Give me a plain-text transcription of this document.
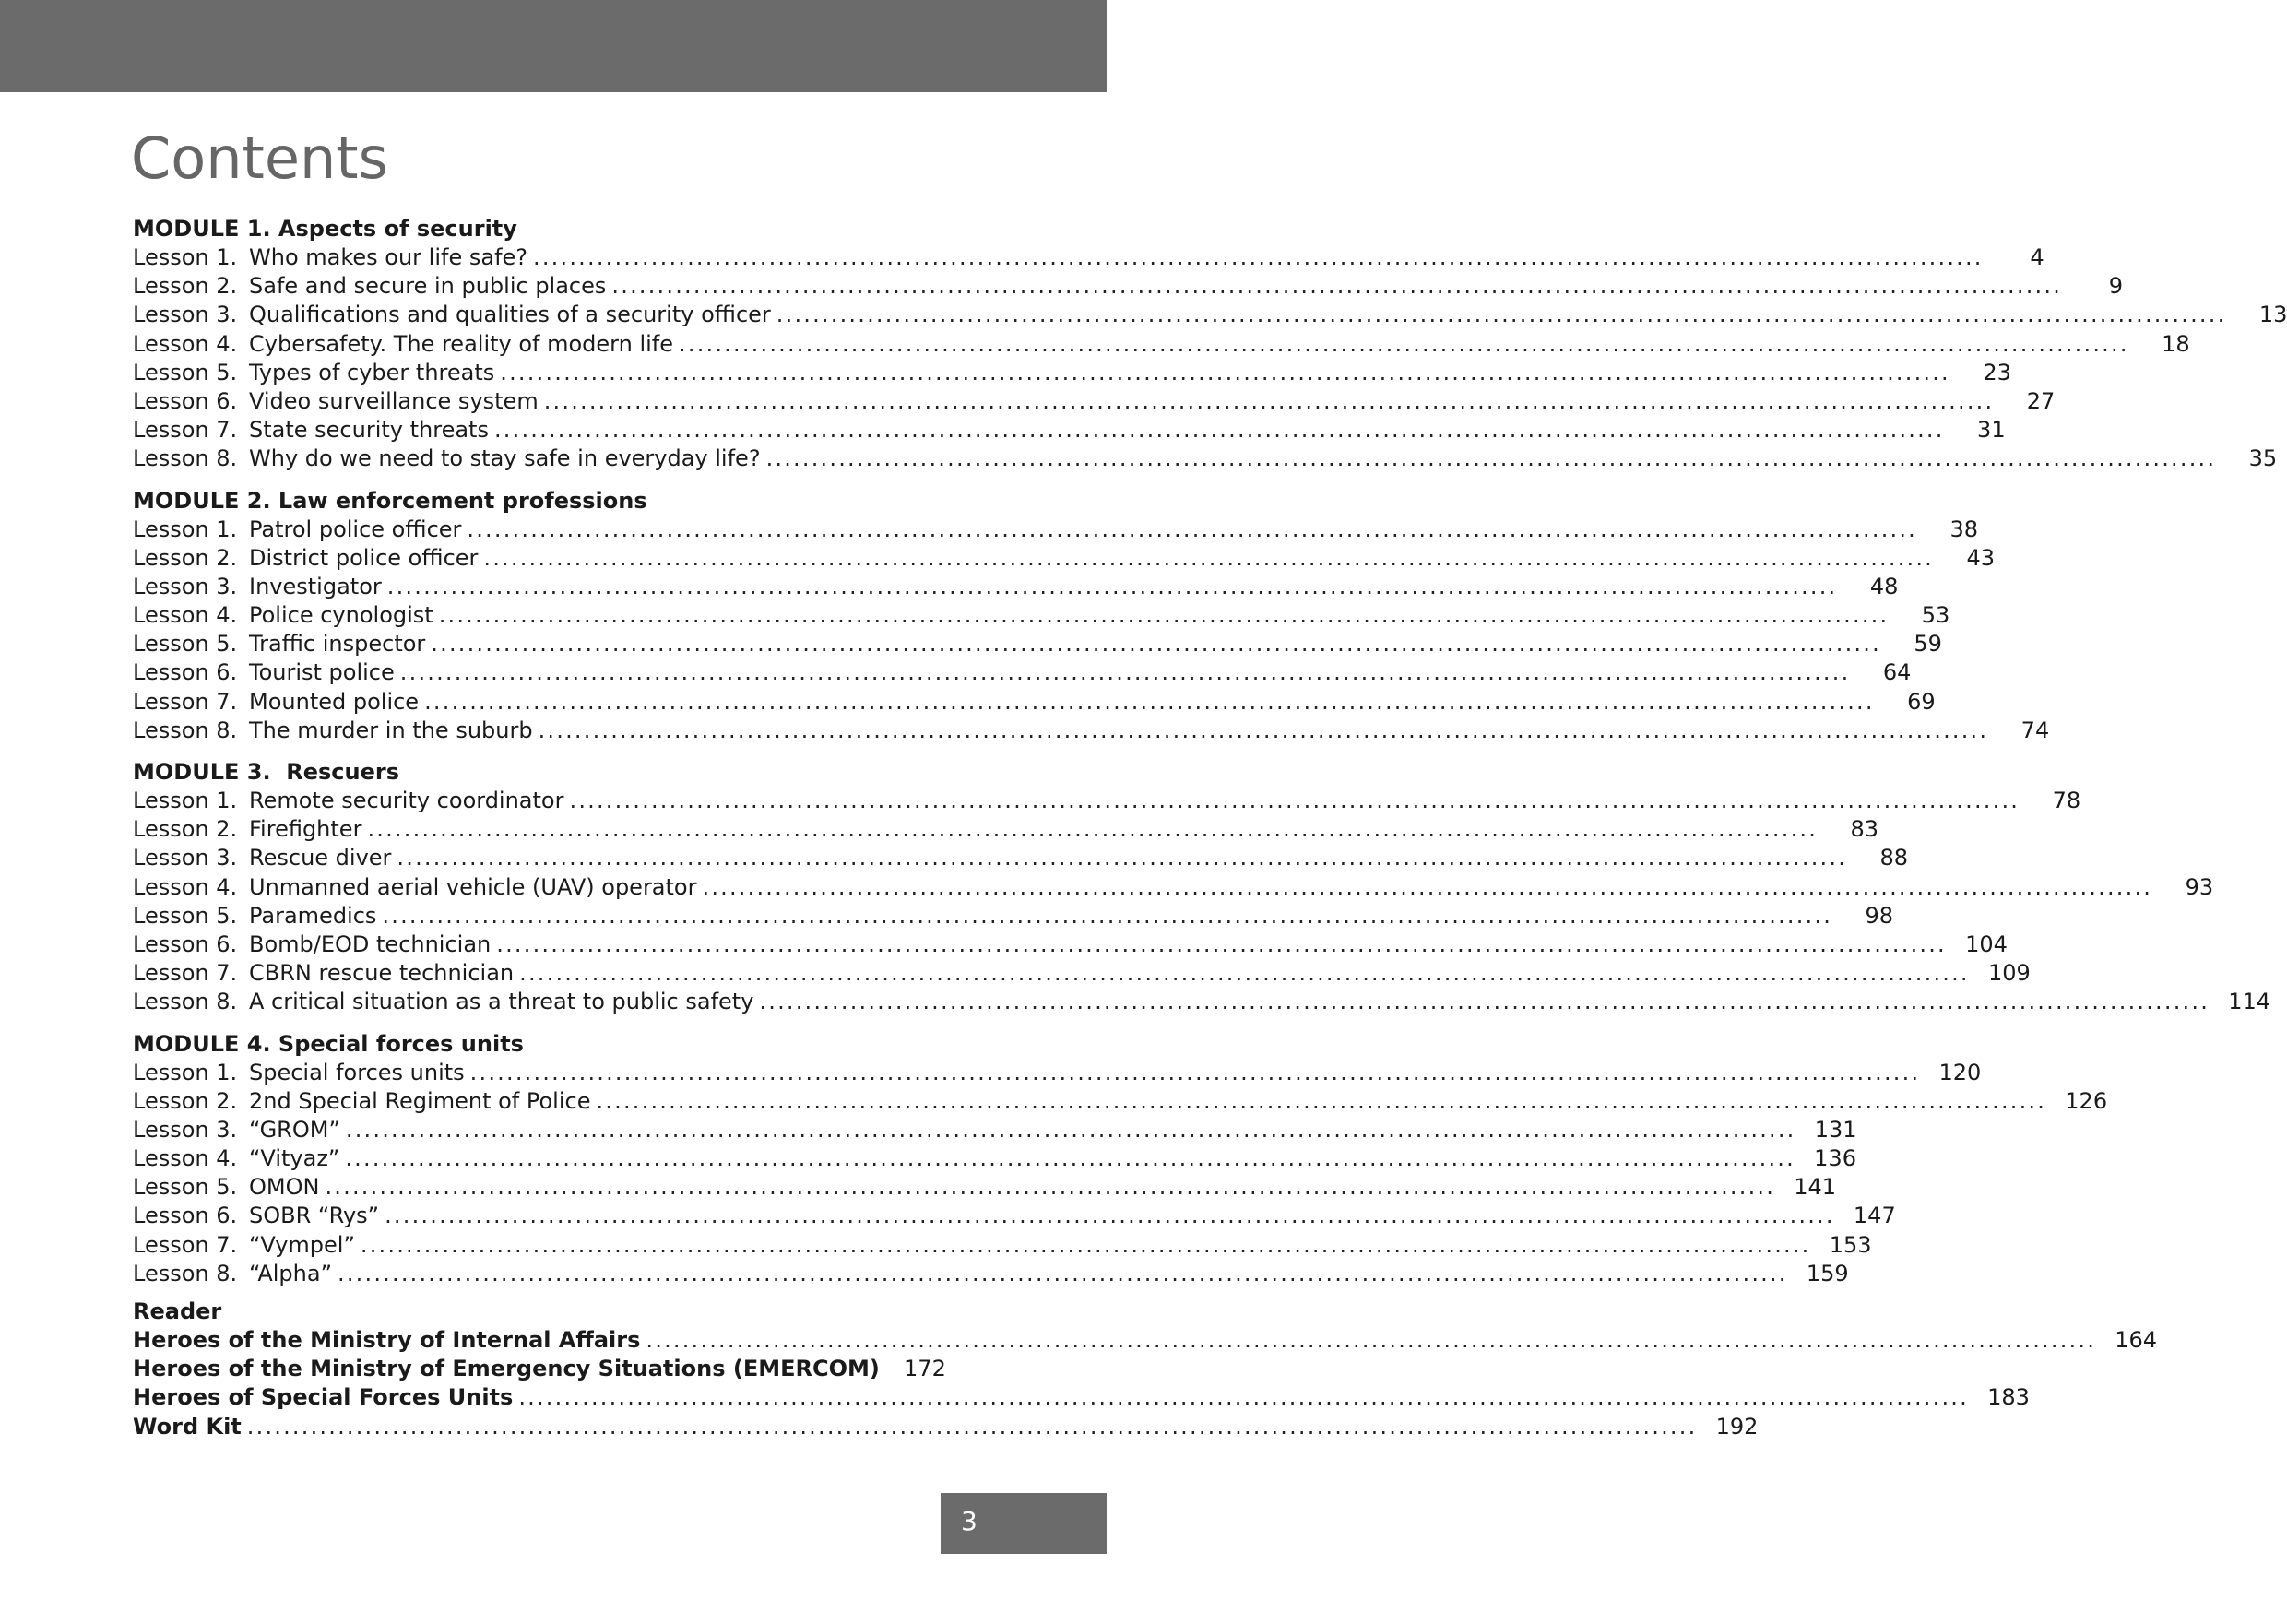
Contents
MODULE 1. Aspects of security
Lesson 1. Who makes our life safe? ................................................................................................................................................................	4
Lesson 2. Safe and secure in public places ................................................................................................................................................................	9
Lesson 3. Qualifications and qualities of a security officer ................................................................................................................................................................	13
Lesson 4. Cybersafety. The reality of modern life ................................................................................................................................................................	18
Lesson 5. Types of cyber threats ................................................................................................................................................................	23
Lesson 6. Video surveillance system ................................................................................................................................................................	27
Lesson 7. State security threats ................................................................................................................................................................	31
Lesson 8. Why do we need to stay safe in everyday life? ................................................................................................................................................................	35
MODULE 2. Law enforcement professions
Lesson 1. Patrol police officer ................................................................................................................................................................	38
Lesson 2. District police officer ................................................................................................................................................................	43
Lesson 3. Investigator ................................................................................................................................................................	48
Lesson 4. Police cynologist ................................................................................................................................................................	53
Lesson 5. Traffic inspector ................................................................................................................................................................	59
Lesson 6. Tourist police ................................................................................................................................................................	64
Lesson 7. Mounted police ................................................................................................................................................................	69
Lesson 8. The murder in the suburb ................................................................................................................................................................	74
MODULE 3.  Rescuers
Lesson 1. Remote security coordinator ................................................................................................................................................................	78
Lesson 2. Firefighter ................................................................................................................................................................	83
Lesson 3. Rescue diver ................................................................................................................................................................	88
Lesson 4. Unmanned aerial vehicle (UAV) operator ................................................................................................................................................................	93
Lesson 5. Paramedics ................................................................................................................................................................	98
Lesson 6. Bomb/EOD technician ................................................................................................................................................................ 104
Lesson 7. CBRN rescue technician ................................................................................................................................................................ 109
Lesson 8. A critical situation as a threat to public safety ................................................................................................................................................................ 114
MODULE 4. Special forces units
Lesson 1. Special forces units ................................................................................................................................................................ 120
Lesson 2. 2nd Special Regiment of Police ................................................................................................................................................................ 126
Lesson 3. “GROM” ................................................................................................................................................................ 131
Lesson 4. “Vityaz” ................................................................................................................................................................ 136
Lesson 5. OMON ................................................................................................................................................................ 141
Lesson 6. SOBR “Rys” ................................................................................................................................................................ 147
Lesson 7. “Vympel” ................................................................................................................................................................ 153
Lesson 8. “Alpha” ................................................................................................................................................................ 159
Reader
Heroes of the Ministry of Internal Affairs ................................................................................................................................................................ 164
Heroes of the Ministry of Emergency Situations (EMERCOM)	172
Heroes of Special Forces Units ................................................................................................................................................................ 183
Word Kit ................................................................................................................................................................ 192
3
